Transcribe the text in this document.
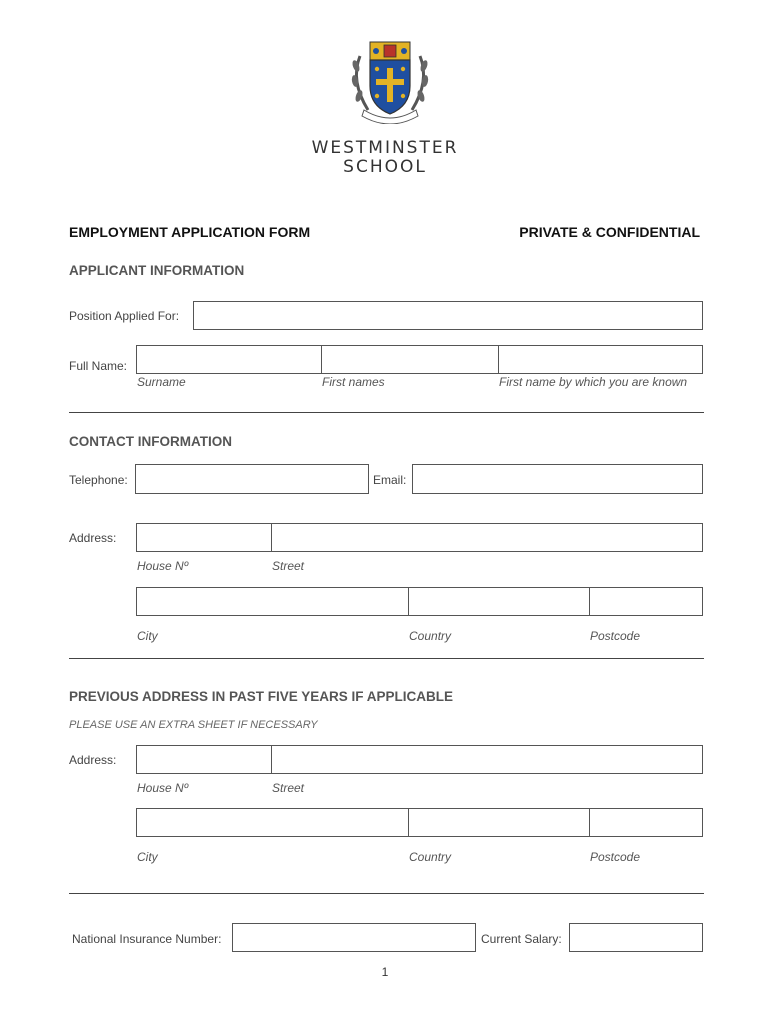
WESTMINSTER
SCHOOL
EMPLOYMENT APPLICATION FORM	PRIVATE & CONFIDENTIAL
APPLICANT INFORMATION
Position Applied For:
Full Name:
Surname	First names	First name by which you are known
CONTACT INFORMATION
Telephone:	Email:
Address:
House Nº	Street
City	Country	Postcode
PREVIOUS ADDRESS IN PAST FIVE YEARS IF APPLICABLE
PLEASE USE AN EXTRA SHEET IF NECESSARY
Address:
House Nº	Street
City	Country	Postcode
National Insurance Number:	Current Salary:
1
